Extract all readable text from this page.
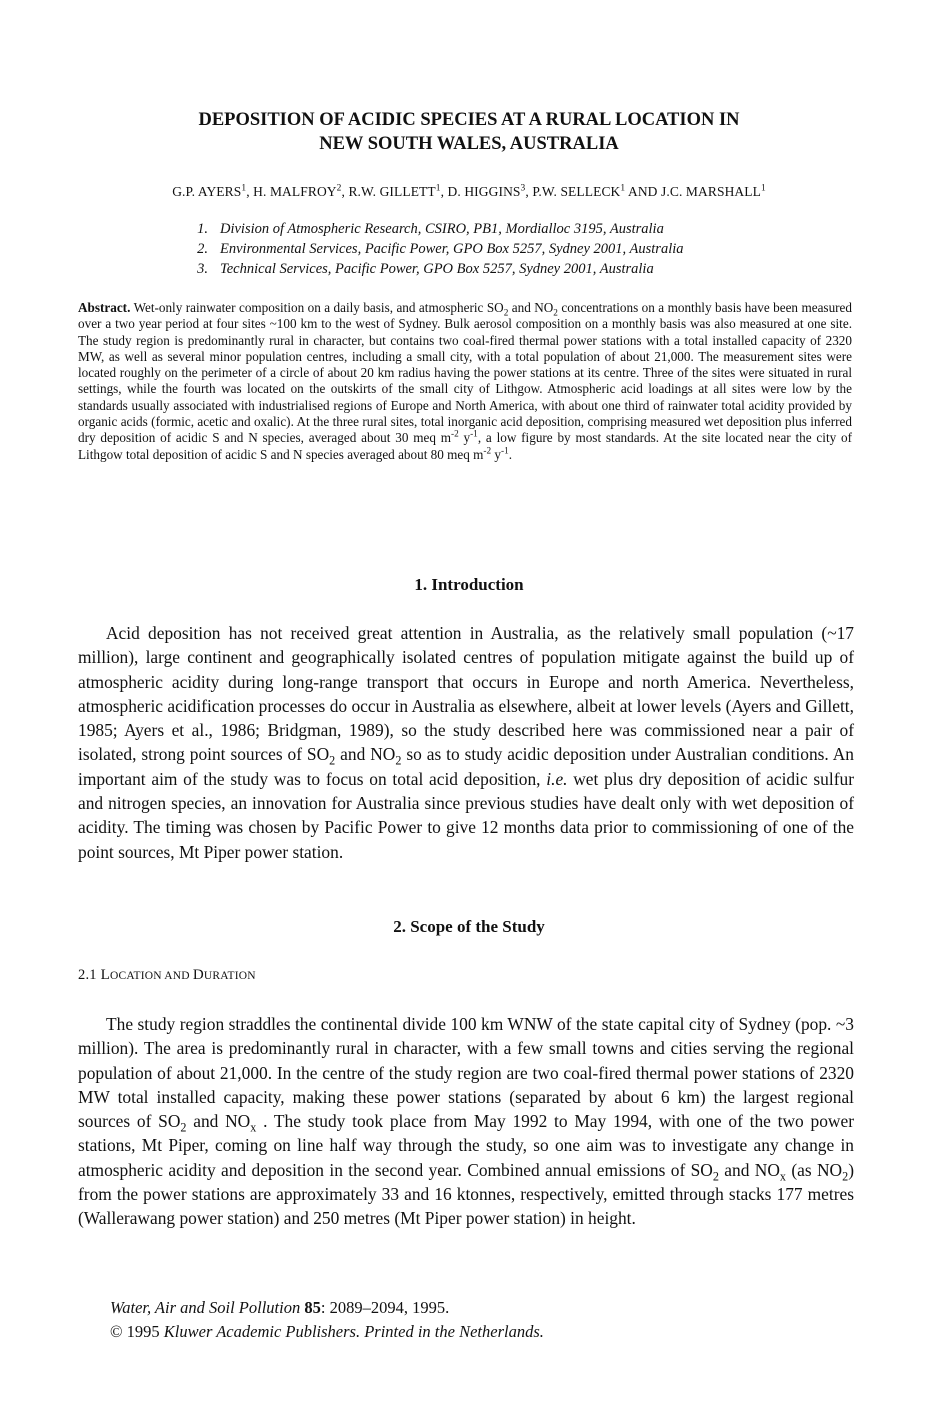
DEPOSITION OF ACIDIC SPECIES AT A RURAL LOCATION IN
NEW SOUTH WALES, AUSTRALIA
G.P. AYERS$^1$, H. MALFROY$^2$, R.W. GILLETT$^1$, D. HIGGINS$^3$, P.W. SELLECK$^1$ AND J.C. MARSHALL$^1$
1. Division of Atmospheric Research, CSIRO, PB1, Mordialloc 3195, Australia
2. Environmental Services, Pacific Power, GPO Box 5257, Sydney 2001, Australia
3. Technical Services, Pacific Power, GPO Box 5257, Sydney 2001, Australia
Abstract. Wet-only rainwater composition on a daily basis, and atmospheric $SO_2$ and $NO_2$ concentrations on a monthly basis have been measured over a two year period at four sites ~100 km to the west of Sydney. Bulk aerosol composition on a monthly basis was also measured at one site. The study region is predominantly rural in character, but contains two coal-fired thermal power stations with a total installed capacity of 2320 MW, as well as several minor population centres, including a small city, with a total population of about 21,000. The measurement sites were located roughly on the perimeter of a circle of about 20 km radius having the power stations at its centre. Three of the sites were situated in rural settings, while the fourth was located on the outskirts of the small city of Lithgow. Atmospheric acid loadings at all sites were low by the standards usually associated with industrialised regions of Europe and North America, with about one third of rainwater total acidity provided by organic acids (formic, acetic and oxalic). At the three rural sites, total inorganic acid deposition, comprising measured wet deposition plus inferred dry deposition of acidic S and N species, averaged about 30 meq $m^{-2}$ $y^{-1}$, a low figure by most standards. At the site located near the city of Lithgow total deposition of acidic S and N species averaged about 80 meq $m^{-2}$ $y^{-1}$.
1. Introduction
Acid deposition has not received great attention in Australia, as the relatively small population (~17 million), large continent and geographically isolated centres of population mitigate against the build up of atmospheric acidity during long-range transport that occurs in Europe and north America. Nevertheless, atmospheric acidification processes do occur in Australia as elsewhere, albeit at lower levels (Ayers and Gillett, 1985; Ayers et al., 1986; Bridgman, 1989), so the study described here was commissioned near a pair of isolated, strong point sources of $SO_2$ and $NO_2$ so as to study acidic deposition under Australian conditions. An important aim of the study was to focus on total acid deposition, i.e. wet plus dry deposition of acidic sulfur and nitrogen species, an innovation for Australia since previous studies have dealt only with wet deposition of acidity. The timing was chosen by Pacific Power to give 12 months data prior to commissioning of one of the point sources, Mt Piper power station.
2. Scope of the Study
2.1 LOCATION AND DURATION
The study region straddles the continental divide 100 km WNW of the state capital city of Sydney (pop. ~3 million). The area is predominantly rural in character, with a few small towns and cities serving the regional population of about 21,000. In the centre of the study region are two coal-fired thermal power stations of 2320 MW total installed capacity, making these power stations (separated by about 6 km) the largest regional sources of $SO_2$ and $NO_x$ . The study took place from May 1992 to May 1994, with one of the two power stations, Mt Piper, coming on line half way through the study, so one aim was to investigate any change in atmospheric acidity and deposition in the second year. Combined annual emissions of $SO_2$ and $NO_x$ (as $NO_2$) from the power stations are approximately 33 and 16 ktonnes, respectively, emitted through stacks 177 metres (Wallerawang power station) and 250 metres (Mt Piper power station) in height.
Water, Air and Soil Pollution 85: 2089–2094, 1995.
© 1995 Kluwer Academic Publishers. Printed in the Netherlands.
